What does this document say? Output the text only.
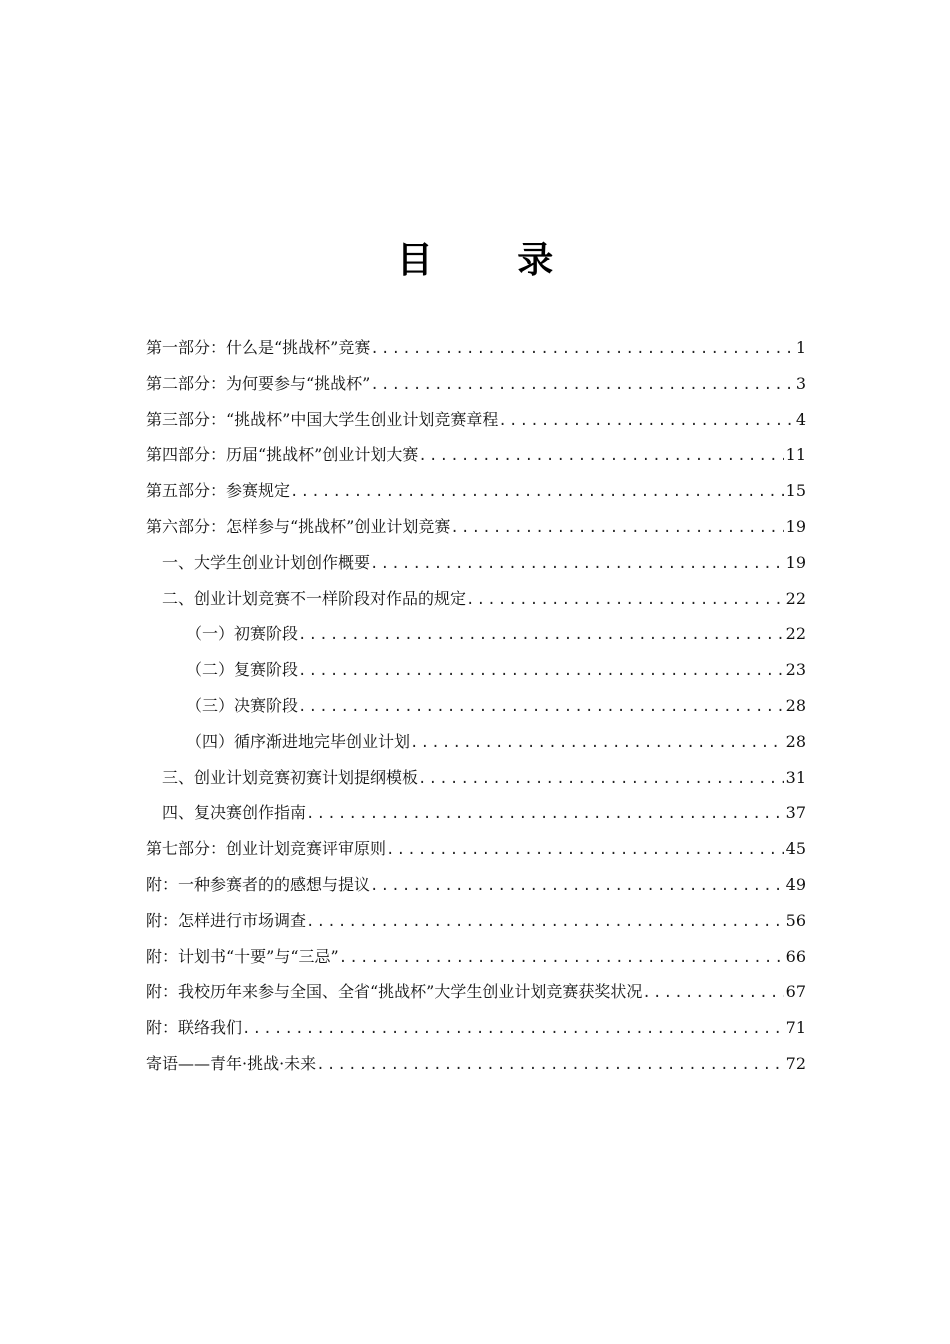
目 录
第一部分：什么是“挑战杯”竞赛 .....	1
第二部分：为何要参与“挑战杯” .....	3
第三部分：“挑战杯”中国大学生创业计划竞赛章程 .....	4
第四部分：历届“挑战杯”创业计划大赛 .....	11
第五部分：参赛规定 .....	15
第六部分：怎样参与“挑战杯”创业计划竞赛 .....	19
一、大学生创业计划创作概要 .....	19
二、创业计划竞赛不一样阶段对作品的规定 .....	22
（一）初赛阶段 .....	22
（二）复赛阶段 .....	23
（三）决赛阶段 .....	28
（四）循序渐进地完毕创业计划 .....	28
三、创业计划竞赛初赛计划提纲模板 .....	31
四、复决赛创作指南 .....	37
第七部分：创业计划竞赛评审原则 .....	45
附：一种参赛者的的感想与提议 .....	49
附：怎样进行市场调查 .....	56
附：计划书“十要”与“三忌” .....	66
附：我校历年来参与全国、全省“挑战杯”大学生创业计划竞赛获奖状况 .....	67
附：联络我们 .....	71
寄语——青年·挑战·未来 .....	72
